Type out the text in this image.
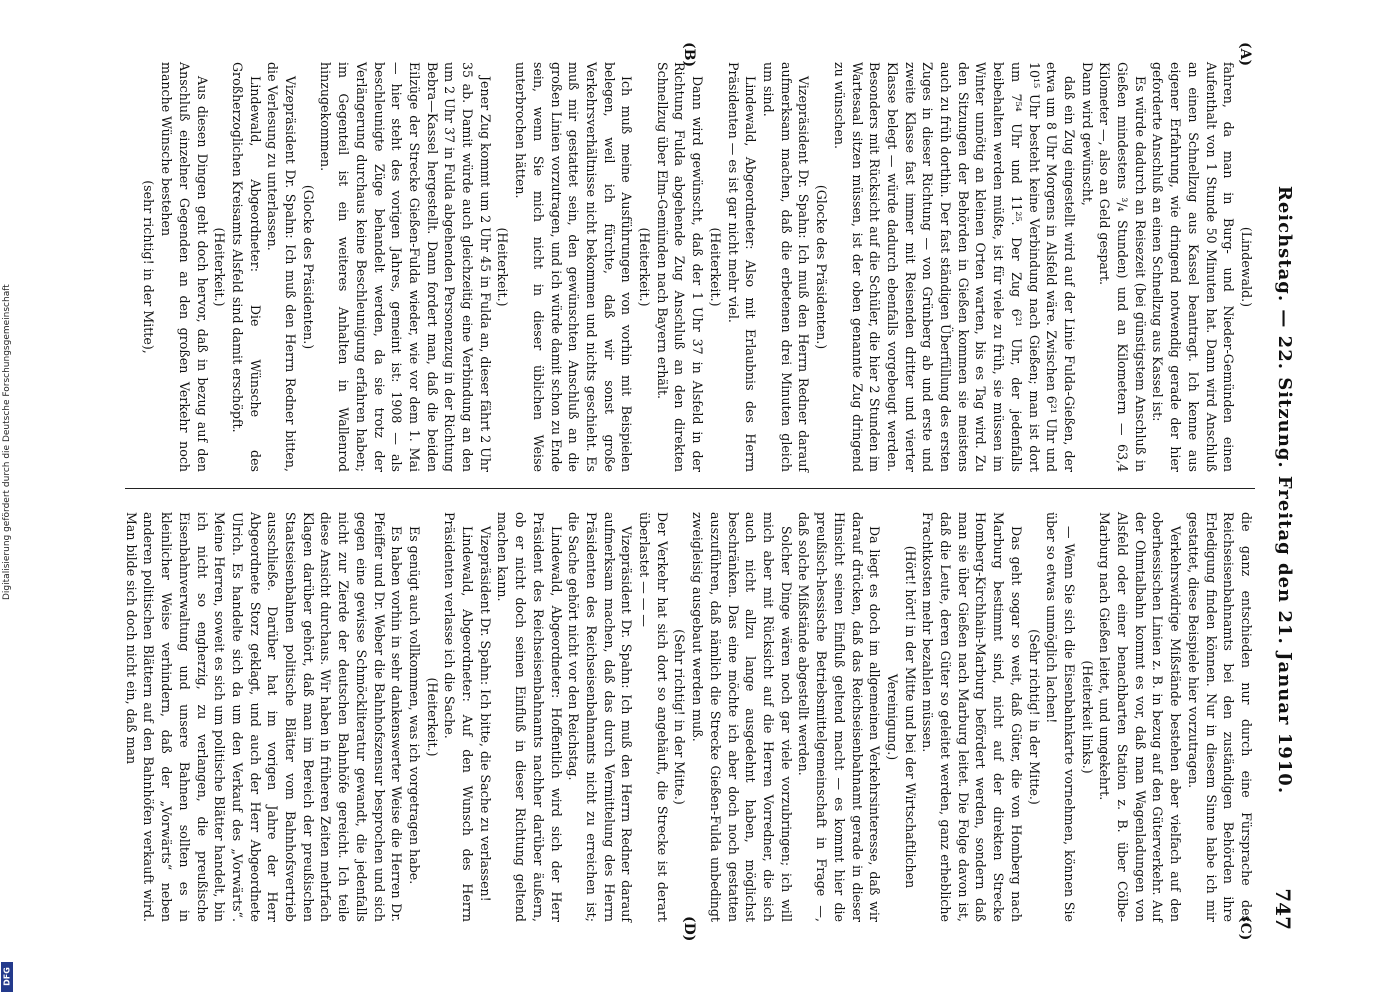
Reichstag. — 22. Sitzung. Freitag den 21. Januar 1910.
747
(A)
(B)
(C)
(D)

(Lindewald.)

fahren, da man in Burg- und Nieder-Gemünden einen Aufenthalt von 1 Stunde 50 Minuten hat. Dann wird Anschluß an einen Schnellzug aus Kassel beantragt. Ich kenne aus eigener Erfahrung, wie dringend notwendig gerade der hier geforderte Anschluß an einen Schnellzug aus Kassel ist:

Es würde dadurch an Reisezeit (bei günstigstem Anschluß in Gießen mindestens ³/₄ Stunden) und an Kilometern — 63,4 Kilometer —, also an Geld gespart.

Dann wird gewünscht,

daß ein Zug eingestellt wird auf der Linie Fulda-Gießen, der etwa um 8 Uhr Morgens in Alsfeld wäre. Zwischen 6²¹ Uhr und 10¹⁵ Uhr besteht keine Verbindung nach Gießen; man ist dort um 7⁵⁴ Uhr und 11²⁵. Der Zug 6²¹ Uhr, der jedenfalls beibehalten werden müßte, ist für viele zu früh, sie müssen im Winter unnötig an kleinen Orten warten, bis es Tag wird. Zu den Sitzungen der Behörden in Gießen kommen sie meistens auch zu früh dorthin. Der fast ständigen Überfüllung des ersten Zuges in dieser Richtung — von Grünberg ab und erste und zweite Klasse fast immer mit Reisenden dritter und vierter Klasse belegt — würde dadurch ebenfalls vorgebeugt werden. Besonders mit Rücksicht auf die Schüler, die hier 2 Stunden im Wartesaal sitzen müssen, ist der oben genannte Zug dringend zu wünschen.

(Glocke des Präsidenten.)

Vizepräsident Dr. Spahn: Ich muß den Herrn Redner darauf aufmerksam machen, daß die erbetenen drei Minuten gleich um sind.

Lindewald, Abgeordneter: Also mit Erlaubnis des Herrn Präsidenten — es ist gar nicht mehr viel.

(Heiterkeit.)

Dann wird gewünscht, daß der 1 Uhr 37 in Alsfeld in der Richtung Fulda abgehende Zug Anschluß an den direkten Schnellzug über Elm-Gemünden nach Bayern erhält.

(Heiterkeit.)

Ich muß meine Ausführungen von vorhin mit Beispielen belegen, weil ich fürchte, daß wir sonst große Verkehrsverhältnisse nicht bekommen und nichts geschieht. Es muß mir gestattet sein, den gewünschten Anschluß an die großen Linien vorzutragen, und ich würde damit schon zu Ende sein, wenn Sie mich nicht in dieser üblichen Weise unterbrochen hätten.

(Heiterkeit.)

Jener Zug kommt um 2 Uhr 45 in Fulda an, dieser fährt 2 Uhr 35 ab. Damit würde auch gleichzeitig eine Verbindung an den um 2 Uhr 37 in Fulda abgehenden Personenzug in der Richtung Bebra—Kassel hergestellt. Dann fordert man, daß die beiden Eilzüge der Strecke Gießen-Fulda wieder, wie vor dem 1. Mai — hier steht des vorigen Jahres, gemeint ist: 1908 — als beschleunigte Züge behandelt werden, da sie trotz der Verlängerung durchaus keine Beschleunigung erfahren haben; im Gegenteil ist ein weiteres Anhalten in Wallenrod hinzugekommen.

(Glocke des Präsidenten.)

Vizepräsident Dr. Spahn: Ich muß den Herrn Redner bitten, die Verlesung zu unterlassen.

Lindewald, Abgeordneter: Die Wünsche des Großherzoglichen Kreisamts Alsfeld sind damit erschöpft.

(Heiterkeit.)

Aus diesen Dingen geht doch hervor, daß in bezug auf den Anschluß einzelner Gegenden an den großen Verkehr noch manche Wünsche bestehen

(sehr richtig! in der Mitte),

die ganz entschieden nur durch eine Fürsprache des Reichseisenbahnamts bei den zuständigen Behörden ihre Erledigung finden können. Nur in diesem Sinne habe ich mir gestattet, diese Beispiele hier vorzutragen.

Verkehrswidrige Mißstände bestehen aber vielfach auf den oberhessischen Linien z. B. in bezug auf den Güterverkehr. Auf der Ohmtalbahn kommt es vor, daß man Wagenladungen von Alsfeld oder einer benachbarten Station z. B. über Cölbe-Marburg nach Gießen leitet, und umgekehrt.

(Heiterkeit links.)

— Wenn Sie sich die Eisenbahnkarte vornehmen, können Sie über so etwas unmöglich lachen!

(Sehr richtig! in der Mitte.)

Das geht sogar so weit, daß Güter, die von Homberg nach Marburg bestimmt sind, nicht auf der direkten Strecke Homberg-Kirchhain-Marburg befördert werden, sondern daß man sie über Gießen nach Marburg leitet. Die Folge davon ist, daß die Leute, deren Güter so geleitet werden, ganz erhebliche Frachtkosten mehr bezahlen müssen.

(Hört! hört! in der Mitte und bei der Wirtschaftlichen Vereinigung.)

Da liegt es doch im allgemeinen Verkehrsinteresse, daß wir darauf drücken, daß das Reichseisenbahnamt gerade in dieser Hinsicht seinen Einfluß geltend macht — es kommt hier die preußisch-hessische Betriebsmittelgemeinschaft in Frage —, daß solche Mißstände abgestellt werden.

Solcher Dinge wären noch gar viele vorzubringen; ich will mich aber mit Rücksicht auf die Herren Vorredner, die sich auch nicht allzu lange ausgedehnt haben, möglichst beschränken. Das eine möchte ich aber doch noch gestatten auszuführen, daß nämlich die Strecke Gießen-Fulda unbedingt zweigleisig ausgebaut werden muß.

(Sehr richtig! in der Mitte.)

Der Verkehr hat sich dort so angehäuft, die Strecke ist derart überlastet — — —

Vizepräsident Dr. Spahn: Ich muß den Herrn Redner darauf aufmerksam machen, daß das durch Vermittelung des Herrn Präsidenten des Reichseisenbahnamts nicht zu erreichen ist; die Sache gehört nicht vor den Reichstag.

Lindewald, Abgeordneter: Hoffentlich wird sich der Herr Präsident des Reichseisenbahnamts nachher darüber äußern, ob er nicht doch seinen Einfluß in dieser Richtung geltend machen kann.

Vizepräsident Dr. Spahn: Ich bitte, die Sache zu verlassen!

Lindewald, Abgeordneter: Auf den Wunsch des Herrn Präsidenten verlasse ich die Sache.

(Heiterkeit.)

Es genügt auch vollkommen, was ich vorgetragen habe.

Es haben vorhin in sehr dankenswerter Weise die Herren Dr. Pfeiffer und Dr. Weber die Bahnhofszensur besprochen und sich gegen eine gewisse Schmöckliteratur gewandt, die jedenfalls nicht zur Zierde der deutschen Bahnhöfe gereicht. Ich teile diese Ansicht durchaus. Wir haben in früheren Zeiten mehrfach Klagen darüber gehört, daß man im Bereich der preußischen Staatseisenbahnen politische Blätter vom Bahnhofsvertrieb ausschließe. Darüber hat im vorigen Jahre der Herr Abgeordnete Storz geklagt, und auch der Herr Abgeordnete Ulrich. Es handelte sich da um den Verkauf des „Vorwärts“. Meine Herren, soweit es sich um politische Blätter handelt, bin ich nicht so engherzig, zu verlangen, die preußische Eisenbahnverwaltung und unsere Bahnen sollten es in kleinlicher Weise verhindern, daß der „Vorwärts“ neben anderen politischen Blättern auf den Bahnhöfen verkauft wird. Man bilde sich doch nicht ein, daß man

Digitalisierung gefördert durch die Deutsche Forschungsgemeinschaft
DFG
